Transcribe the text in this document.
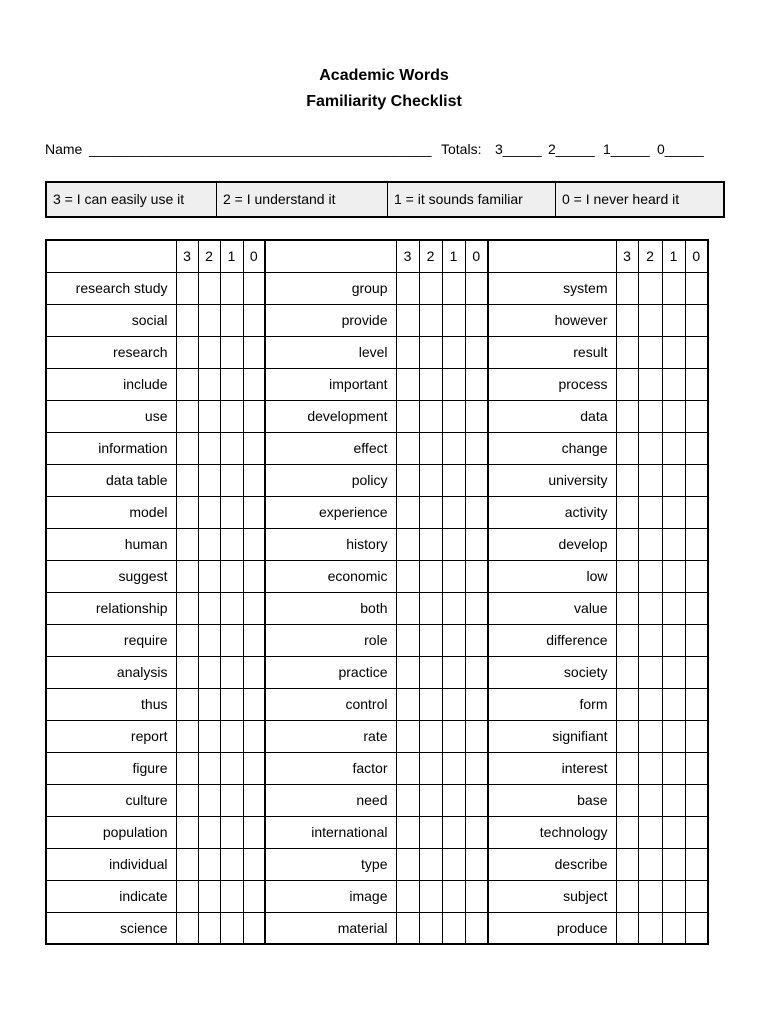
Academic Words
Familiarity Checklist

Name

____________________________________________

Totals:

3_____

2_____

1_____

0_____

3 = I can easily use it	2 = I understand it	1 = it sounds familiar	0 = I never heard it
	3	2	1	0		3	2	1	0		3	2	1	0
research study					group					system				
social					provide					however				
research					level					result				
include					important					process				
use					development					data				
information					effect					change				
data table					policy					university				
model					experience					activity				
human					history					develop				
suggest					economic					low				
relationship					both					value				
require					role					difference				
analysis					practice					society				
thus					control					form				
report					rate					signifiant				
figure					factor					interest				
culture					need					base				
population					international					technology				
individual					type					describe				
indicate					image					subject				
science					material					produce				
